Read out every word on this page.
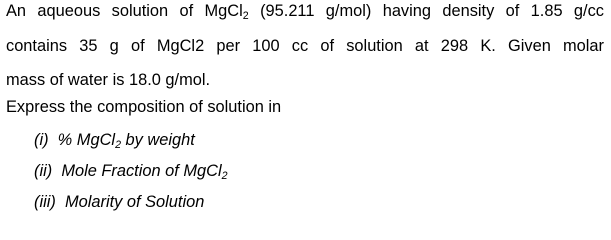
An aqueous solution of MgCl$_2$ (95.211 g/mol) having density of 1.85 g/cc
contains 35 g of MgCl2 per 100 cc of solution at 298 K. Given molar
mass of water is 18.0 g/mol.
Express the composition of solution in
(i) % MgCl$_2$ by weight
(ii) Mole Fraction of MgCl$_2$
(iii) Molarity of Solution
